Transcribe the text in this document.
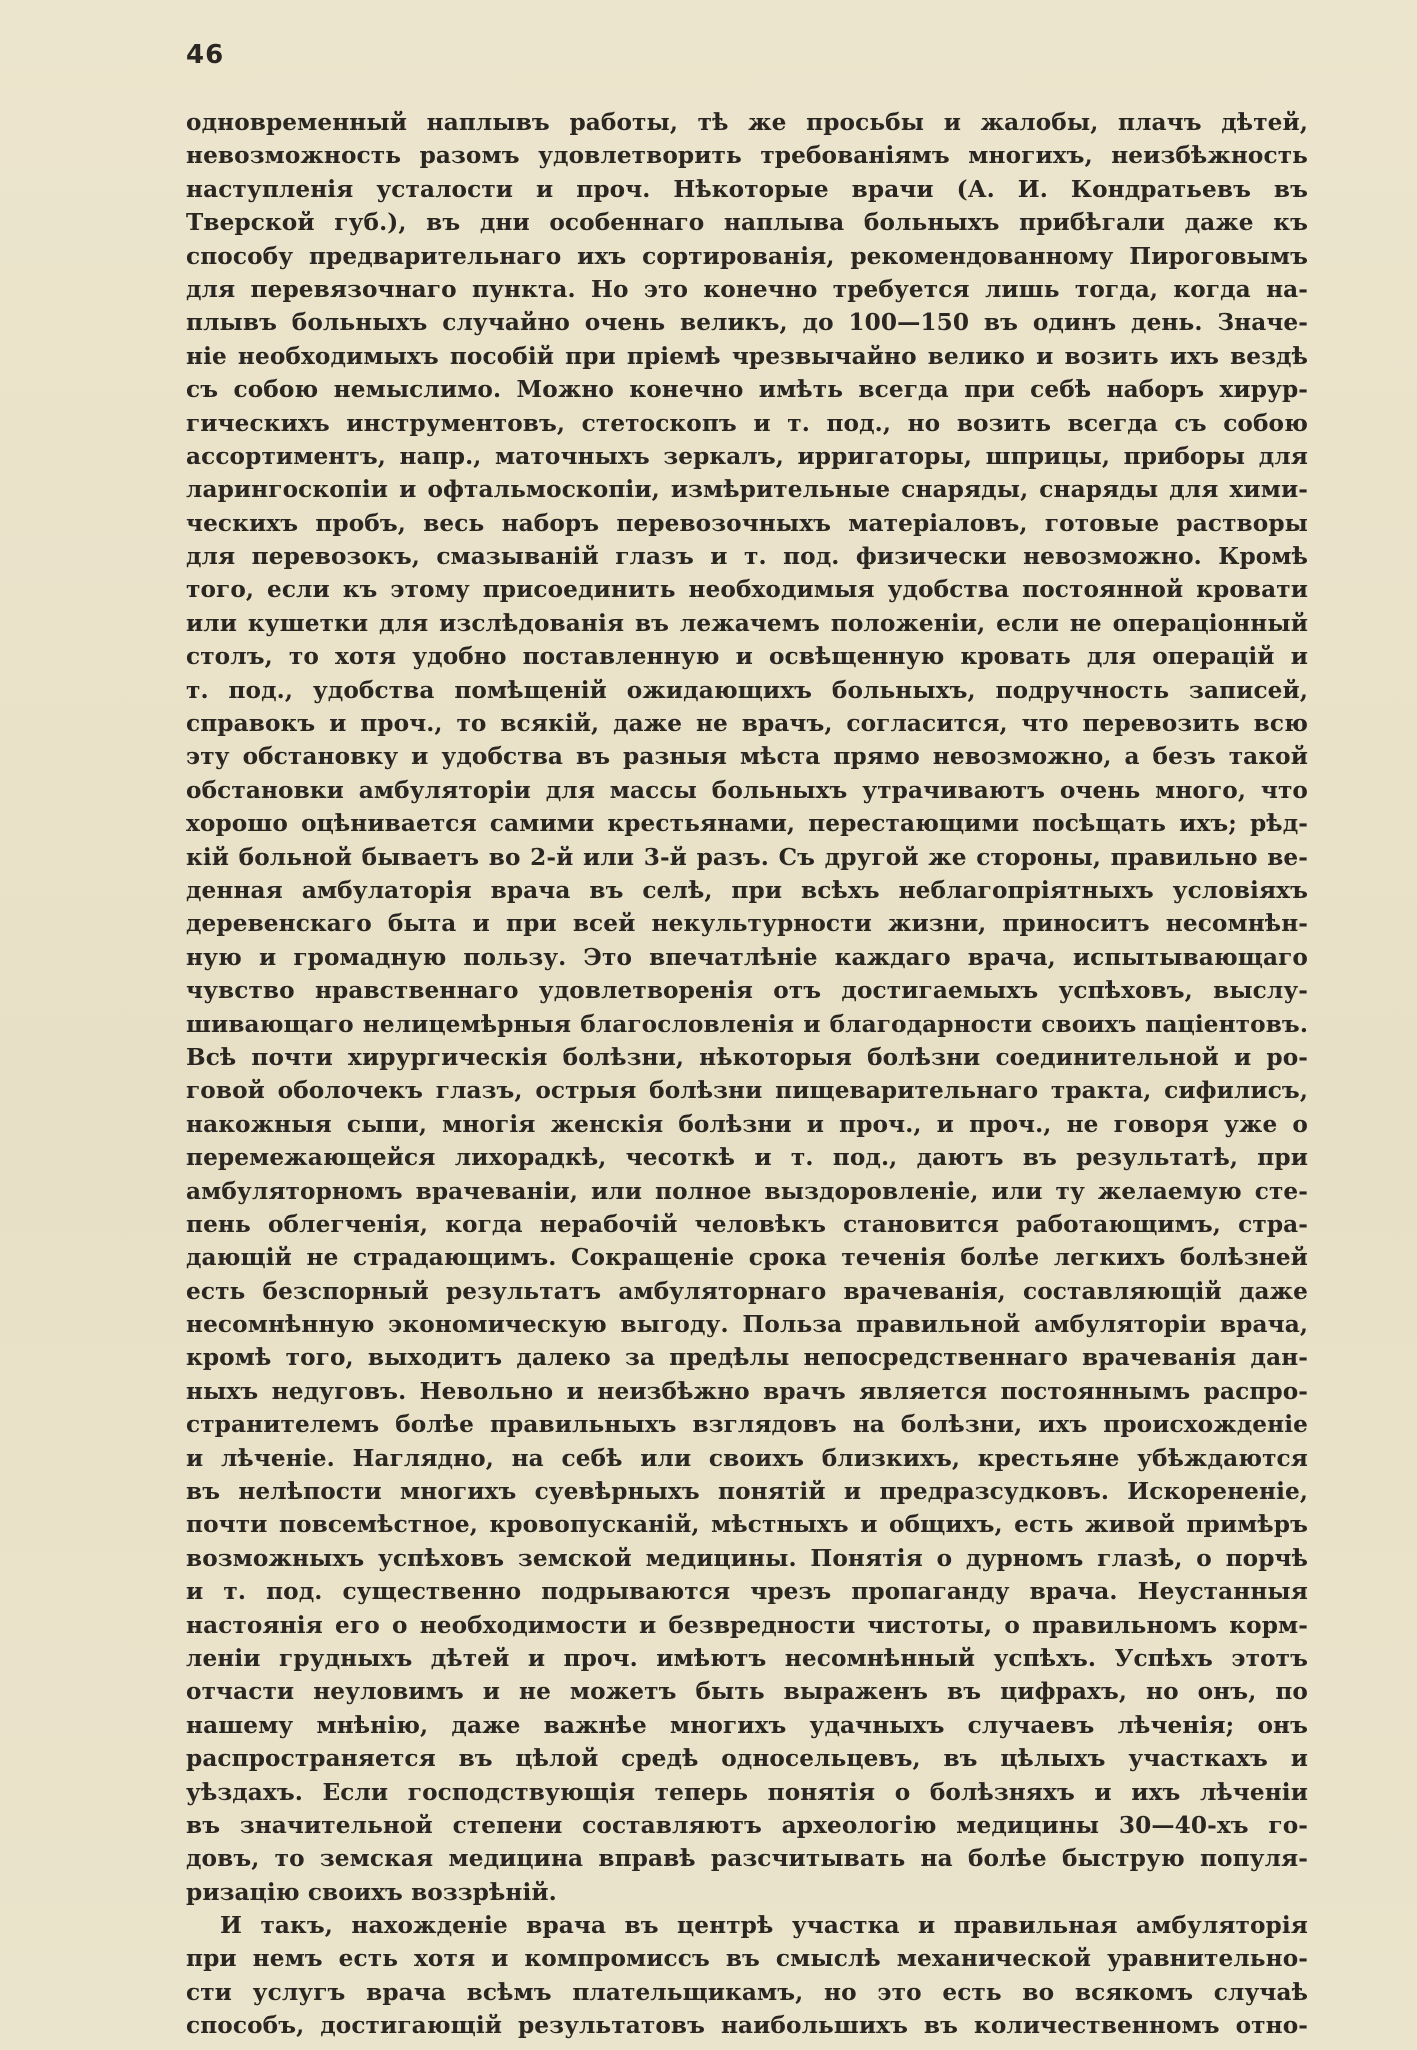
46
одновременный наплывъ работы, тѣ же просьбы и жалобы, плачъ дѣтей,
невозможность разомъ удовлетворить требованіямъ многихъ, неизбѣжность
наступленія усталости и проч. Нѣкоторые врачи (А. И. Кондратьевъ въ
Тверской губ.), въ дни особеннаго наплыва больныхъ прибѣгали даже къ
способу предварительнаго ихъ сортированія, рекомендованному Пироговымъ
для перевязочнаго пункта. Но это конечно требуется лишь тогда, когда на-
плывъ больныхъ случайно очень великъ, до 100—150 въ одинъ день. Значе-
ніе необходимыхъ пособій при пріемѣ чрезвычайно велико и возить ихъ вездѣ
съ собою немыслимо. Можно конечно имѣть всегда при себѣ наборъ хирур-
гическихъ инструментовъ, стетоскопъ и т. под., но возить всегда съ собою
ассортиментъ, напр., маточныхъ зеркалъ, ирригаторы, шприцы, приборы для
ларингоскопіи и офтальмоскопіи, измѣрительные снаряды, снаряды для хими-
ческихъ пробъ, весь наборъ перевозочныхъ матеріаловъ, готовые растворы
для перевозокъ, смазываній глазъ и т. под. физически невозможно. Кромѣ
того, если къ этому присоединить необходимыя удобства постоянной кровати
или кушетки для изслѣдованія въ лежачемъ положеніи, если не операціонный
столъ, то хотя удобно поставленную и освѣщенную кровать для операцій и
т. под., удобства помѣщеній ожидающихъ больныхъ, подручность записей,
справокъ и проч., то всякій, даже не врачъ, согласится, что перевозить всю
эту обстановку и удобства въ разныя мѣста прямо невозможно, а безъ такой
обстановки амбуляторіи для массы больныхъ утрачиваютъ очень много, что
хорошо оцѣнивается самими крестьянами, перестающими посѣщать ихъ; рѣд-
кій больной бываетъ во 2-й или 3-й разъ. Съ другой же стороны, правильно ве-
денная амбулаторія врача въ селѣ, при всѣхъ неблагопріятныхъ условіяхъ
деревенскаго быта и при всей некультурности жизни, приноситъ несомнѣн-
ную и громадную пользу. Это впечатлѣніе каждаго врача, испытывающаго
чувство нравственнаго удовлетворенія отъ достигаемыхъ успѣховъ, выслу-
шивающаго нелицемѣрныя благословленія и благодарности своихъ паціентовъ.
Всѣ почти хирургическія болѣзни, нѣкоторыя болѣзни соединительной и ро-
говой оболочекъ глазъ, острыя болѣзни пищеварительнаго тракта, сифилисъ,
накожныя сыпи, многія женскія болѣзни и проч., и проч., не говоря уже о
перемежающейся лихорадкѣ, чесоткѣ и т. под., даютъ въ результатѣ, при
амбуляторномъ врачеваніи, или полное выздоровленіе, или ту желаемую сте-
пень облегченія, когда нерабочій человѣкъ становится работающимъ, стра-
дающій не страдающимъ. Сокращеніе срока теченія болѣе легкихъ болѣзней
есть безспорный результатъ амбуляторнаго врачеванія, составляющій даже
несомнѣнную экономическую выгоду. Польза правильной амбуляторіи врача,
кромѣ того, выходитъ далеко за предѣлы непосредственнаго врачеванія дан-
ныхъ недуговъ. Невольно и неизбѣжно врачъ является постояннымъ распро-
странителемъ болѣе правильныхъ взглядовъ на болѣзни, ихъ происхожденіе
и лѣченіе. Наглядно, на себѣ или своихъ близкихъ, крестьяне убѣждаются
въ нелѣпости многихъ суевѣрныхъ понятій и предразсудковъ. Искорененіе,
почти повсемѣстное, кровопусканій, мѣстныхъ и общихъ, есть живой примѣръ
возможныхъ успѣховъ земской медицины. Понятія о дурномъ глазѣ, о порчѣ
и т. под. существенно подрываются чрезъ пропаганду врача. Неустанныя
настоянія его о необходимости и безвредности чистоты, о правильномъ корм-
леніи грудныхъ дѣтей и проч. имѣютъ несомнѣнный успѣхъ. Успѣхъ этотъ
отчасти неуловимъ и не можетъ быть выраженъ въ цифрахъ, но онъ, по
нашему мнѣнію, даже важнѣе многихъ удачныхъ случаевъ лѣченія; онъ
распространяется въ цѣлой средѣ односельцевъ, въ цѣлыхъ участкахъ и
уѣздахъ. Если господствующія теперь понятія о болѣзняхъ и ихъ лѣченіи
въ значительной степени составляютъ археологію медицины 30—40-хъ го-
довъ, то земская медицина вправѣ разсчитывать на болѣе быструю популя-
ризацію своихъ воззрѣній.
И такъ, нахожденіе врача въ центрѣ участка и правильная амбуляторія
при немъ есть хотя и компромиссъ въ смыслѣ механической уравнительно-
сти услугъ врача всѣмъ плательщикамъ, но это есть во всякомъ случаѣ
способъ, достигающій результатовъ наибольшихъ въ количественномъ отно-
